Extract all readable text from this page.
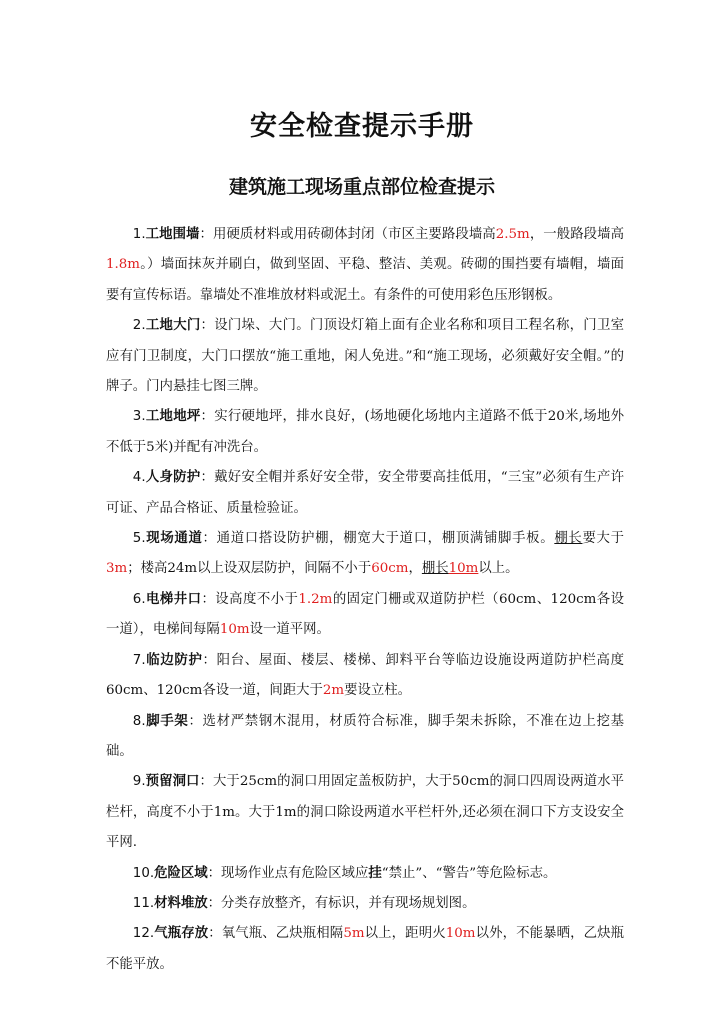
安全检查提示手册
建筑施工现场重点部位检查提示

1.工地围墙：用硬质材料或用砖砌体封闭（市区主要路段墙高2.5m，一般路段墙高1.8m。）墙面抹灰并刷白，做到坚固、平稳、整洁、美观。砖砌的围挡要有墙帽，墙面要有宣传标语。靠墙处不准堆放材料或泥土。有条件的可使用彩色压形钢板。

2.工地大门：设门垛、大门。门顶设灯箱上面有企业名称和项目工程名称，门卫室应有门卫制度，大门口摆放“施工重地，闲人免进。”和“施工现场，必须戴好安全帽。”的牌子。门内悬挂七图三牌。

3.工地地坪：实行硬地坪，排水良好，(场地硬化场地内主道路不低于20米,场地外不低于5米)并配有冲洗台。

4.人身防护：戴好安全帽并系好安全带，安全带要高挂低用，“三宝”必须有生产许可证、产品合格证、质量检验证。

5.现场通道：通道口搭设防护棚，棚宽大于道口，棚顶满铺脚手板。棚长要大于3m；楼高24m以上设双层防护，间隔不小于60cm，棚长10m以上。

6.电梯井口：设高度不小于1.2m的固定门栅或双道防护栏（60cm、120cm各设一道），电梯间每隔10m设一道平网。

7.临边防护：阳台、屋面、楼层、楼梯、卸料平台等临边设施设两道防护栏高度60cm、120cm各设一道，间距大于2m要设立柱。

8.脚手架：选材严禁钢木混用，材质符合标准，脚手架未拆除，不准在边上挖基础。

9.预留洞口：大于25cm的洞口用固定盖板防护，大于50cm的洞口四周设两道水平栏杆，高度不小于1m。大于1m的洞口除设两道水平栏杆外,还必须在洞口下方支设安全平网.

10.危险区域：现场作业点有危险区域应挂“禁止”、“警告”等危险标志。

11.材料堆放：分类存放整齐，有标识，并有现场规划图。

12.气瓶存放：氧气瓶、乙炔瓶相隔5m以上，距明火10m以外，不能暴晒，乙炔瓶不能平放。
